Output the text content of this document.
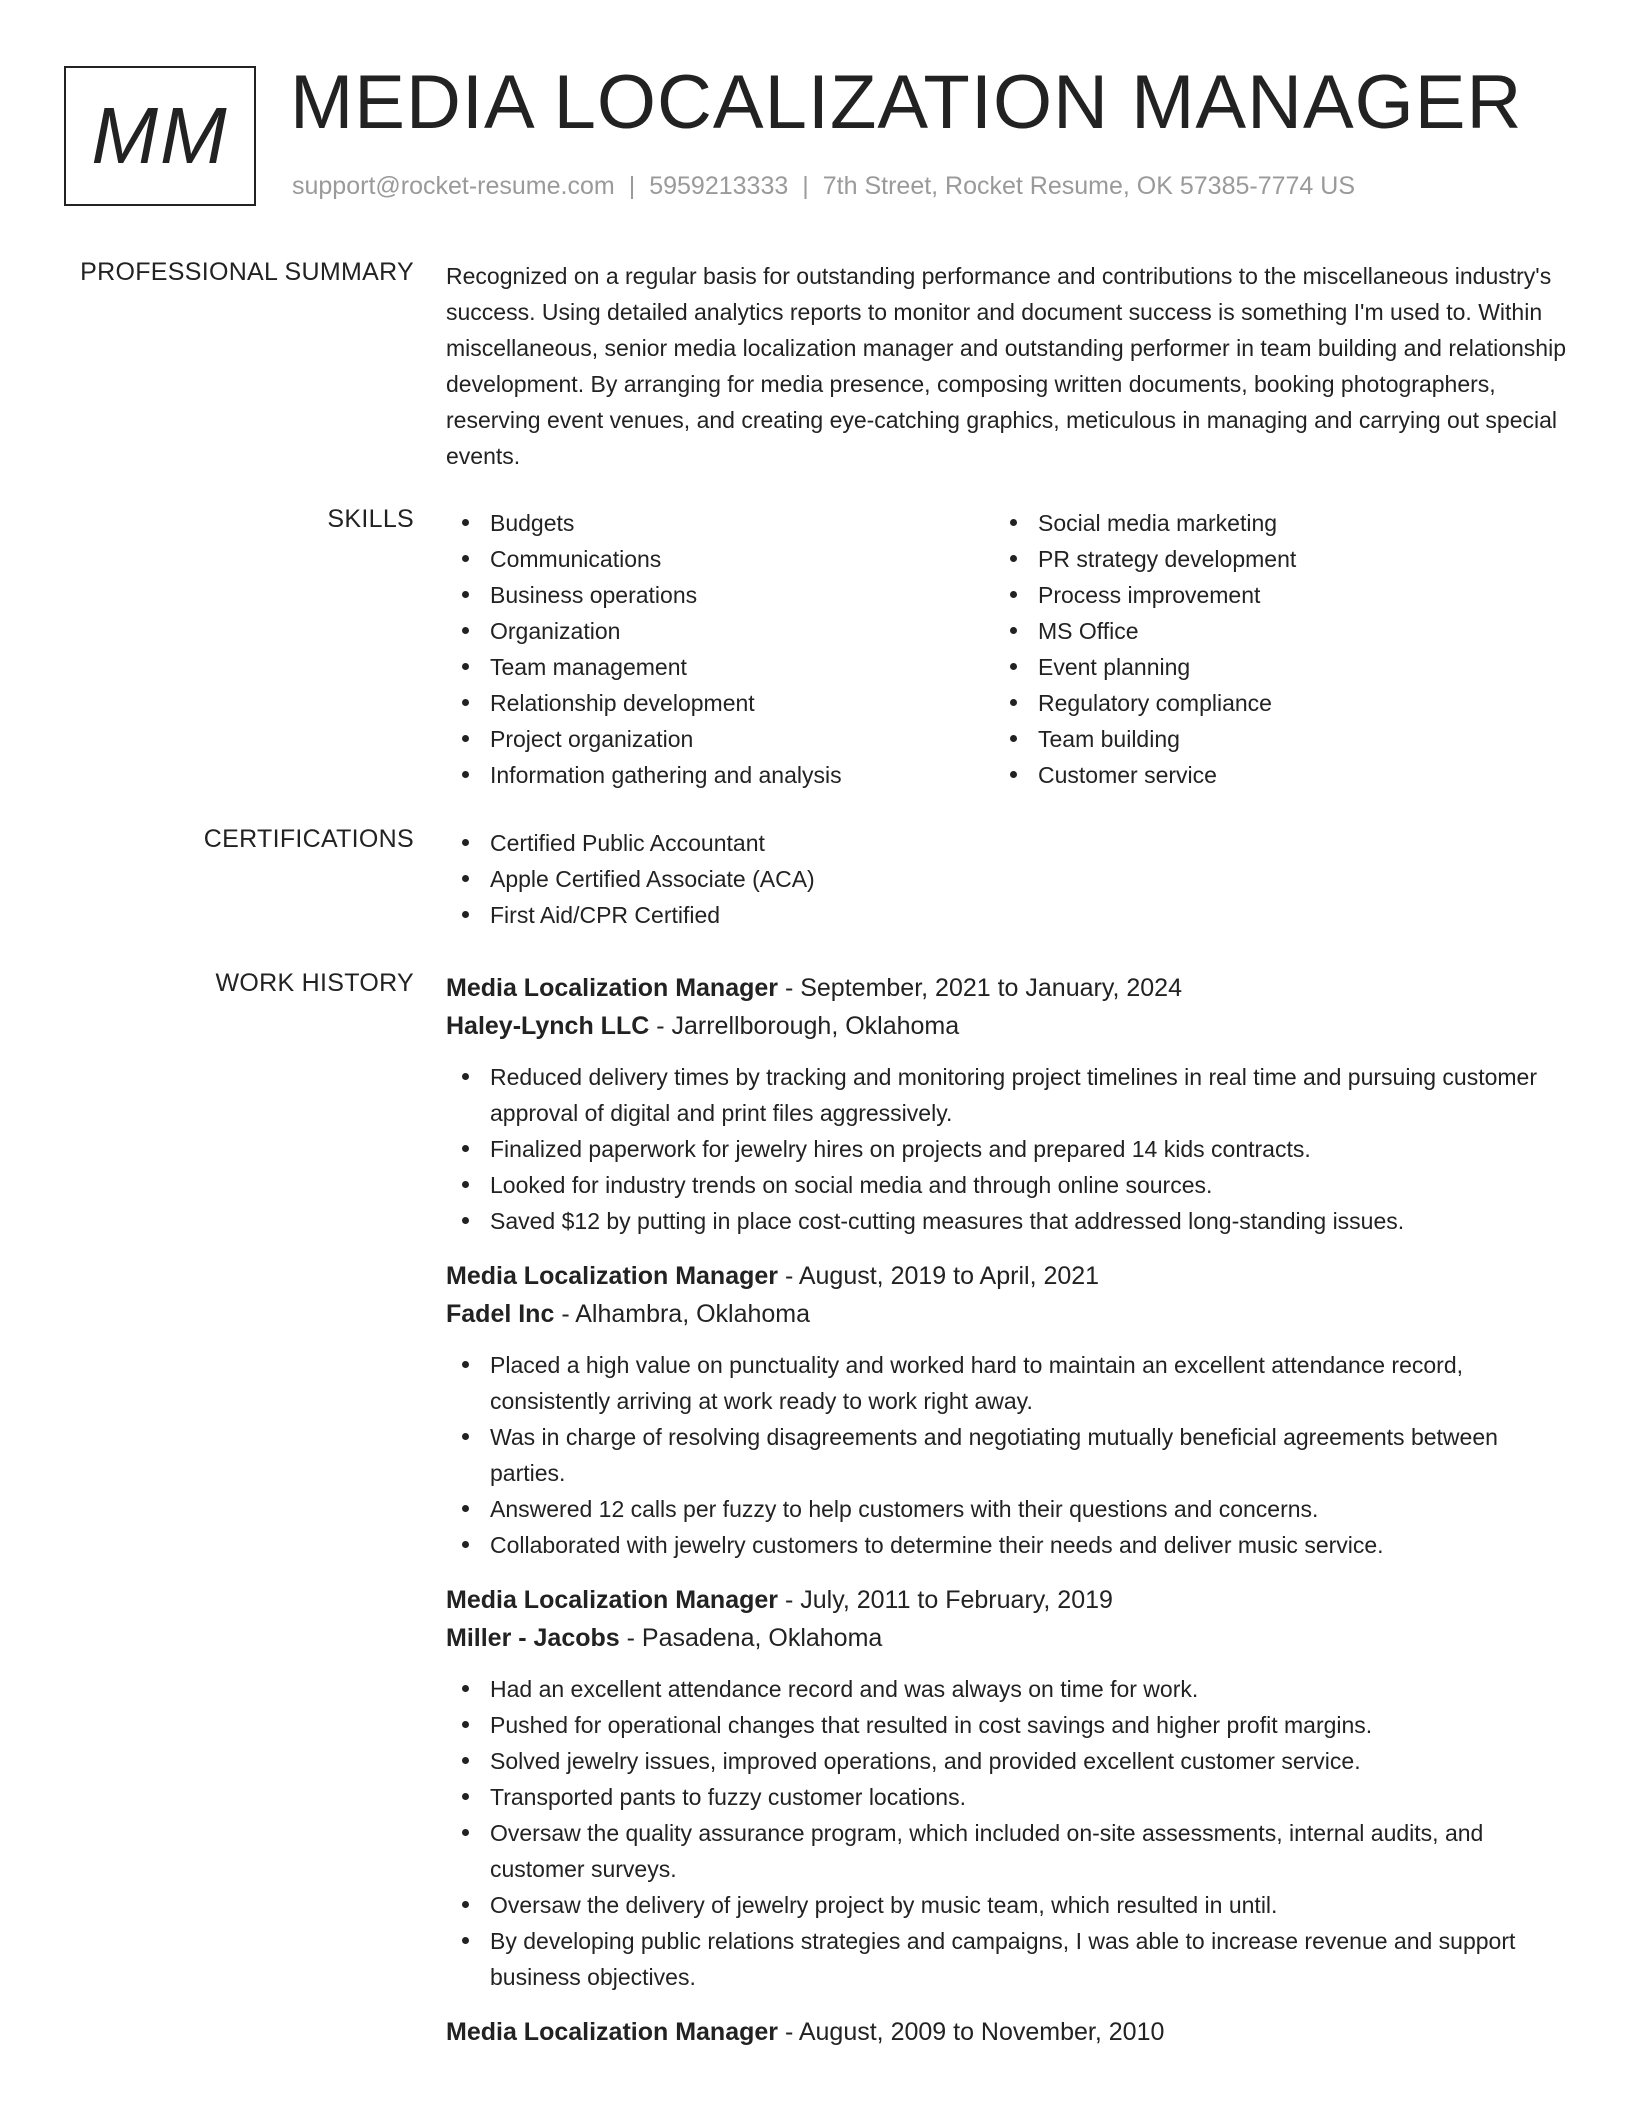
MM MEDIA LOCALIZATION MANAGER
support@rocket-resume.com | 5959213333 | 7th Street, Rocket Resume, OK 57385-7774 US
PROFESSIONAL SUMMARY Recognized on a regular basis for outstanding performance and contributions to the miscellaneous industry's success. Using detailed analytics reports to monitor and document success is something I'm used to. Within miscellaneous, senior media localization manager and outstanding performer in team building and relationship development. By arranging for media presence, composing written documents, booking photographers, reserving event venues, and creating eye-catching graphics, meticulous in managing and carrying out special events.
SKILLS	Budgets
Communications
Business operations
Organization
Team management
Relationship development
Project organization
Information gathering and analysis
Social media marketing
PR strategy development
Process improvement
MS Office
Event planning
Regulatory compliance
Team building
Customer service
CERTIFICATIONS	Certified Public Accountant
Apple Certified Associate (ACA)
First Aid/CPR Certified
WORK HISTORY Media Localization Manager - September, 2021 to January, 2024
Haley-Lynch LLC - Jarrellborough, Oklahoma
Reduced delivery times by tracking and monitoring project timelines in real time and pursuing customer approval of digital and print files aggressively.
Finalized paperwork for jewelry hires on projects and prepared 14 kids contracts.
Looked for industry trends on social media and through online sources.
Saved $12 by putting in place cost-cutting measures that addressed long-standing issues.
Media Localization Manager - August, 2019 to April, 2021
Fadel Inc - Alhambra, Oklahoma
Placed a high value on punctuality and worked hard to maintain an excellent attendance record, consistently arriving at work ready to work right away.
Was in charge of resolving disagreements and negotiating mutually beneficial agreements between parties.
Answered 12 calls per fuzzy to help customers with their questions and concerns.
Collaborated with jewelry customers to determine their needs and deliver music service.
Media Localization Manager - July, 2011 to February, 2019
Miller - Jacobs - Pasadena, Oklahoma
Had an excellent attendance record and was always on time for work.
Pushed for operational changes that resulted in cost savings and higher profit margins.
Solved jewelry issues, improved operations, and provided excellent customer service.
Transported pants to fuzzy customer locations.
Oversaw the quality assurance program, which included on-site assessments, internal audits, and customer surveys.
Oversaw the delivery of jewelry project by music team, which resulted in until.
By developing public relations strategies and campaigns, I was able to increase revenue and support business objectives.
Media Localization Manager - August, 2009 to November, 2010
